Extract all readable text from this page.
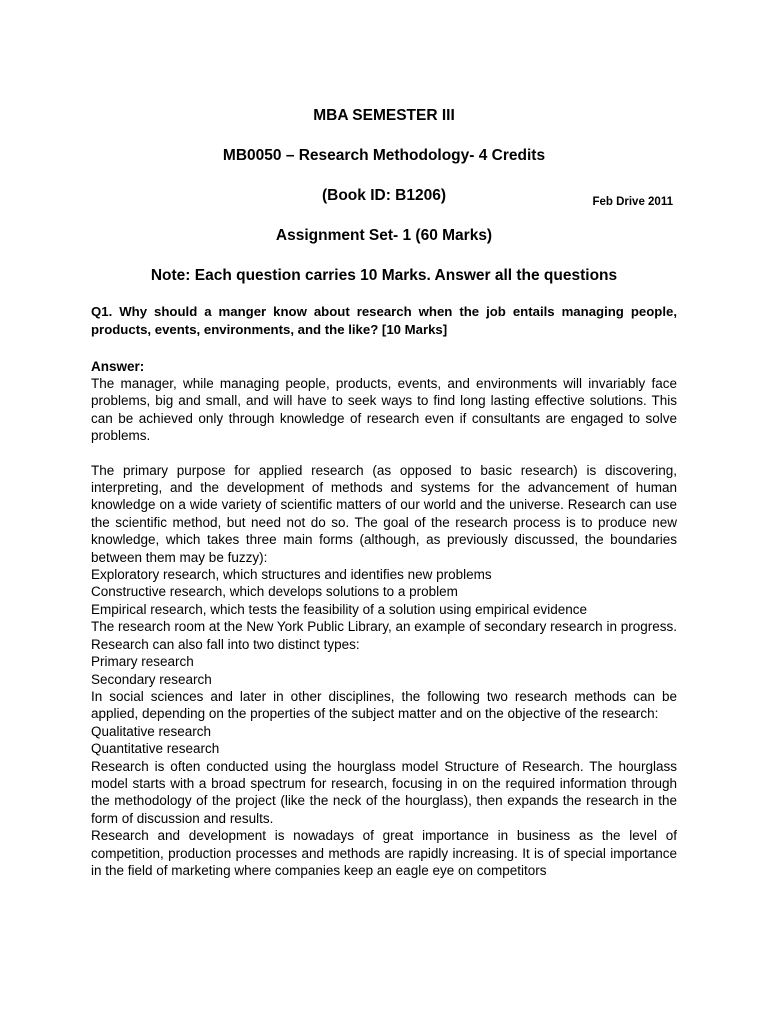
Feb Drive 2011
MBA SEMESTER III
MB0050 – Research Methodology- 4 Credits
(Book ID: B1206)
Assignment Set- 1 (60 Marks)
Note: Each question carries 10 Marks. Answer all the questions
Q1. Why should a manger know about research when the job entails managing people, products, events, environments, and the like? [10 Marks]
Answer:
The manager, while managing people, products, events, and environments will invariably face problems, big and small, and will have to seek ways to find long lasting effective solutions. This can be achieved only through knowledge of research even if consultants are engaged to solve problems.
The primary purpose for applied research (as opposed to basic research) is discovering, interpreting, and the development of methods and systems for the advancement of human knowledge on a wide variety of scientific matters of our world and the universe. Research can use the scientific method, but need not do so. The goal of the research process is to produce new knowledge, which takes three main forms (although, as previously discussed, the boundaries between them may be fuzzy):
Exploratory research, which structures and identifies new problems
Constructive research, which develops solutions to a problem
Empirical research, which tests the feasibility of a solution using empirical evidence
The research room at the New York Public Library, an example of secondary research in progress. Research can also fall into two distinct types:
Primary research
Secondary research
In social sciences and later in other disciplines, the following two research methods can be applied, depending on the properties of the subject matter and on the objective of the research:
Qualitative research
Quantitative research
Research is often conducted using the hourglass model Structure of Research. The hourglass model starts with a broad spectrum for research, focusing in on the required information through the methodology of the project (like the neck of the hourglass), then expands the research in the form of discussion and results.
Research and development is nowadays of great importance in business as the level of competition, production processes and methods are rapidly increasing. It is of special importance in the field of marketing where companies keep an eagle eye on competitors
